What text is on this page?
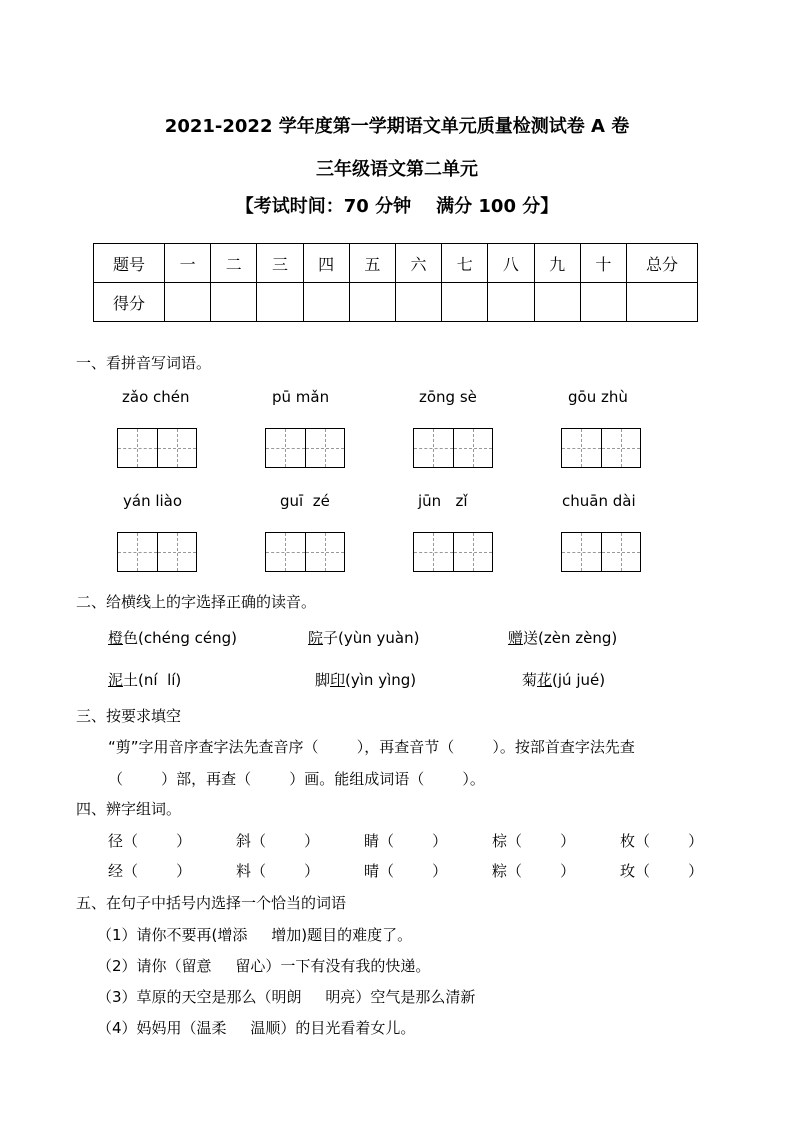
2021-2022 学年度第一学期语文单元质量检测试卷 A 卷
三年级语文第二单元
【考试时间：70 分钟    满分 100 分】
题号	一	二	三	四	五	六	七	八	九	十	总分
得分											
一、看拼音写词语。
zǎo chén	pū mǎn	zōng sè	gōu zhù
yán liào	guī  zé	jūn   zǐ	chuān dài
二、给横线上的字选择正确的读音。
橙色(chéng céng)	院子(yùn yuàn)	赠送(zèn zèng)
泥土(ní  lí)	脚印(yìn yìng)	菊花(jú jué)
三、按要求填空
“剪”字用音序查字法先查音序（        ），再查音节（        ）。按部首查字法先查
（        ）部，再查（        ）画。能组成词语（        ）。
四、辨字组词。
径（        ）	斜（        ）	睛（        ）	棕（        ）	枚（        ）
经（        ）	料（        ）	晴（        ）	粽（        ）	玫（        ）
五、在句子中括号内选择一个恰当的词语
（1）请你不要再(增添     增加)题目的难度了。
（2）请你（留意     留心）一下有没有我的快递。
（3）草原的天空是那么（明朗     明亮）空气是那么清新
（4）妈妈用（温柔     温顺）的目光看着女儿。
